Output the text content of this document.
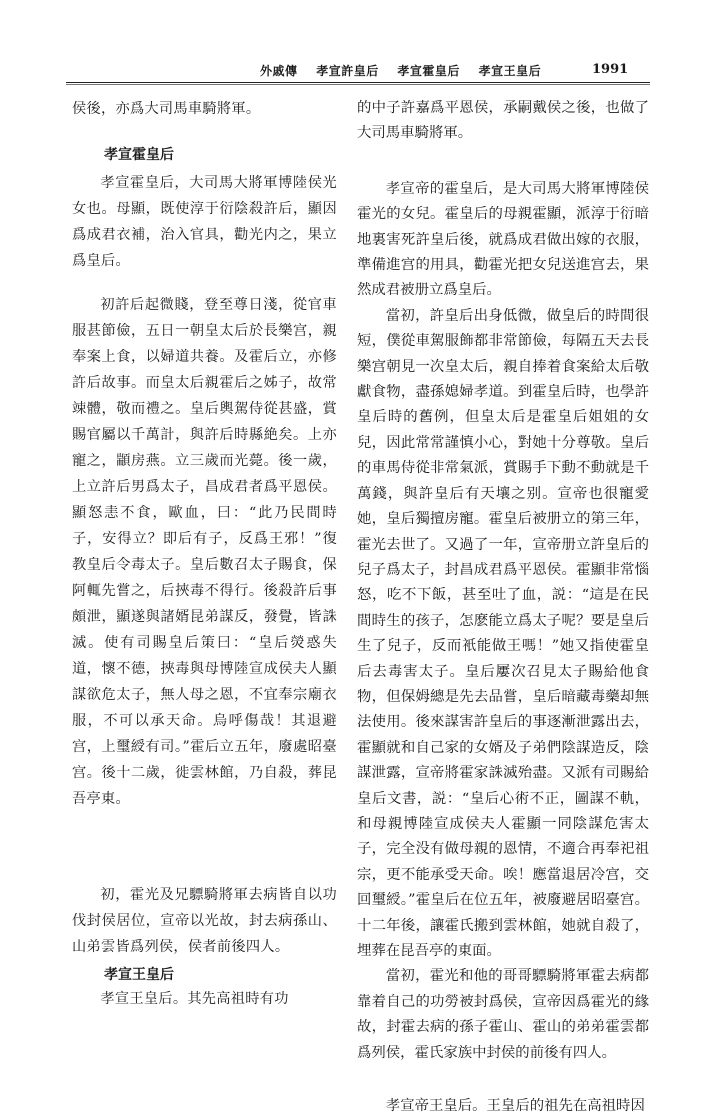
外戚傳 孝宣許皇后 孝宣霍皇后 孝宣王皇后	1991

侯後，亦爲大司馬車騎將軍。

孝宣霍皇后

孝宣霍皇后，大司馬大將軍博陸侯光女也。母顯，既使淳于衍陰殺許后，顯因爲成君衣補，治入官具，勸光内之，果立爲皇后。

初許后起微賤，登至尊日淺，從官車服甚節儉，五日一朝皇太后於長樂宫，親奉案上食，以婦道共養。及霍后立，亦修許后故事。而皇太后親霍后之姊子，故常竦體，敬而禮之。皇后輿駕侍從甚盛，賞賜官屬以千萬計，與許后時縣絶矣。上亦寵之，顓房燕。立三歲而光薨。後一歲，上立許后男爲太子，昌成君者爲平恩侯。顯怒恚不食，歐血，曰：“此乃民間時子，安得立？即后有子，反爲王邪！”復教皇后令毒太子。皇后數召太子賜食，保阿輒先嘗之，后挾毒不得行。後殺許后事頗泄，顯遂與諸婿昆弟謀反，發覺，皆誅滅。使有司賜皇后策曰：“皇后熒惑失道，懷不德，挾毒與母博陸宣成侯夫人顯謀欲危太子，無人母之恩，不宜奉宗廟衣服，不可以承天命。烏呼傷哉！其退避宫，上璽綬有司。”霍后立五年，廢處昭臺宫。後十二歲，徙雲林館，乃自殺，葬昆吾亭東。

初，霍光及兄驃騎將軍去病皆自以功伐封侯居位，宣帝以光故，封去病孫山、山弟雲皆爲列侯，侯者前後四人。

孝宣王皇后

孝宣王皇后。其先高祖時有功

的中子許嘉爲平恩侯，承嗣戴侯之後，也做了大司馬車騎將軍。

孝宣帝的霍皇后，是大司馬大將軍博陸侯霍光的女兒。霍皇后的母親霍顯，派淳于衍暗地裏害死許皇后後，就爲成君做出嫁的衣服，準備進宫的用具，勸霍光把女兒送進宫去，果然成君被册立爲皇后。

當初，許皇后出身低微，做皇后的時間很短，僕從車駕服飾都非常節儉，每隔五天去長樂宫朝見一次皇太后，親自捧着食案給太后敬獻食物，盡孫媳婦孝道。到霍皇后時，也學許皇后時的舊例，但皇太后是霍皇后姐姐的女兒，因此常常謹慎小心，對她十分尊敬。皇后的車馬侍從非常氣派，賞賜手下動不動就是千萬錢，與許皇后有天壤之别。宣帝也很寵愛她，皇后獨擅房寵。霍皇后被册立的第三年，霍光去世了。又過了一年，宣帝册立許皇后的兒子爲太子，封昌成君爲平恩侯。霍顯非常惱怒，吃不下飯，甚至吐了血，説：“這是在民間時生的孩子，怎麽能立爲太子呢？要是皇后生了兒子，反而衹能做王嗎！”她又指使霍皇后去毒害太子。皇后屢次召見太子賜給他食物，但保姆總是先去品嘗，皇后暗藏毒藥却無法使用。後來謀害許皇后的事逐漸泄露出去，霍顯就和自己家的女婿及子弟們陰謀造反，陰謀泄露，宣帝將霍家誅滅殆盡。又派有司賜給皇后文書，説：“皇后心術不正，圖謀不軌，和母親博陸宣成侯夫人霍顯一同陰謀危害太子，完全没有做母親的恩情，不適合再奉祀祖宗，更不能承受天命。唉！應當退居冷宫，交回璽綬。”霍皇后在位五年，被廢避居昭臺宫。十二年後，讓霍氏搬到雲林館，她就自殺了，埋葬在昆吾亭的東面。

當初，霍光和他的哥哥驃騎將軍霍去病都靠着自己的功勞被封爲侯，宣帝因爲霍光的緣故，封霍去病的孫子霍山、霍山的弟弟霍雲都爲列侯，霍氏家族中封侯的前後有四人。

孝宣帝王皇后。王皇后的祖先在高祖時因
